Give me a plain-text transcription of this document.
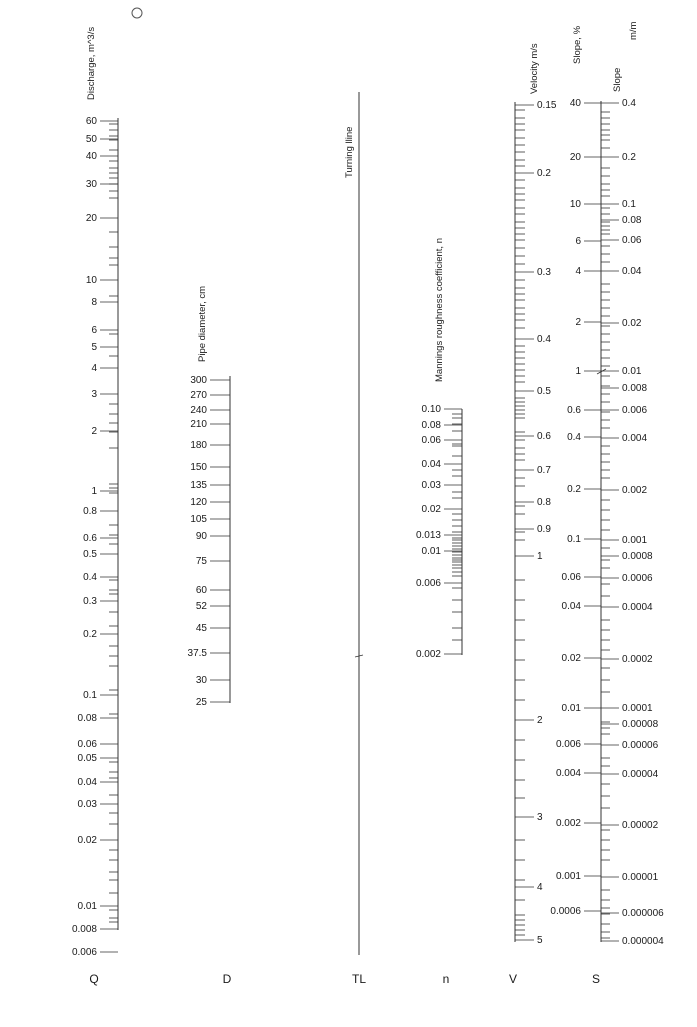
Discharge, m^3/s
60
50
40
30
20
10
8
6
5
4
3
2
1
0.8
0.6
0.5
0.4
0.3
0.2
0.1
0.08
0.06
0.05
0.04
0.03
0.02
0.01
0.008
0.006
Q
Pipe diameter, cm
300
270
240
210
180
150
135
120
105
90
75
60
52
45
37.5
30
25
D
Turning lline
TL
Mannings roughness coefficient, n
0.10
0.08
0.06
0.04
0.03
0.02
0.013
0.01
0.006
0.002
n
Velocity m/s
0.15
0.2
0.3
0.4
0.5
0.6
0.7
0.8
0.9
1
2
3
4
5
V
Slope, %	m/m
Slope
40
20
10
6
4
2
1
0.6
0.4
0.2
0.1
0.06
0.04
0.02
0.01
0.006
0.004
0.002
0.001
0.0006
0.4
0.2
0.1
0.08
0.06
0.04
0.02
0.01
0.008
0.006
0.004
0.002
0.001
0.0008
0.0006
0.0004
0.0002
0.0001
0.00008
0.00006
0.00004
0.00002
0.00001
0.000006
0.000004
S
